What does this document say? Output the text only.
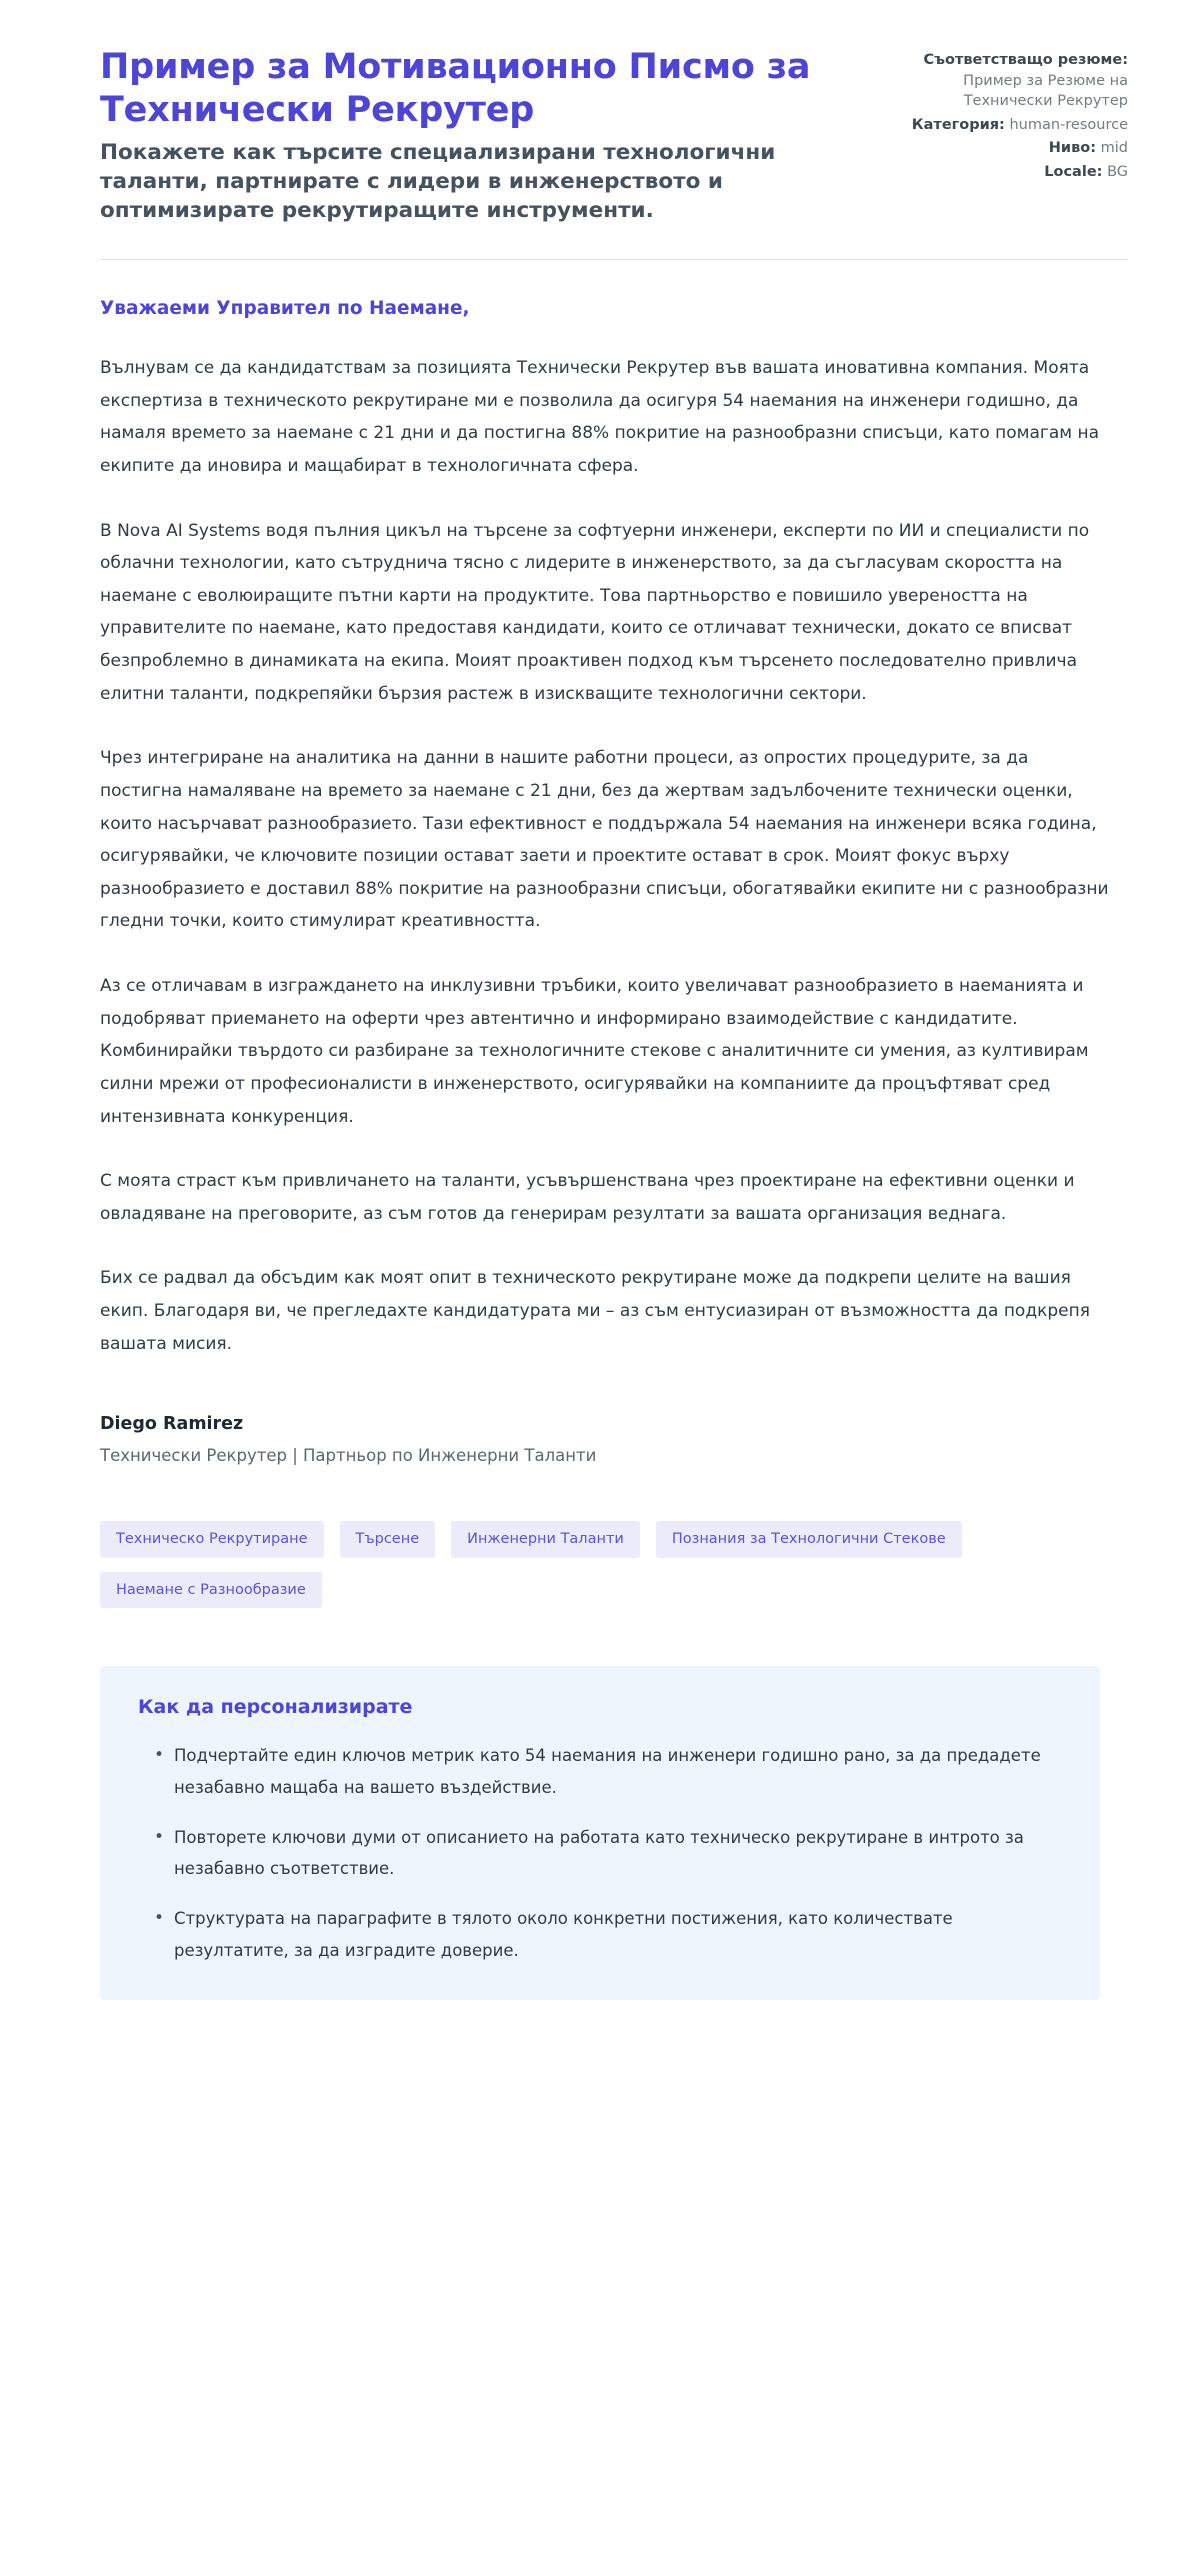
Пример за Мотивационно Писмо за Технически Рекрутер

Покажете как търсите специализирани технологични таланти, партнирате с лидери в инженерството и оптимизирате рекрутиращите инструменти.

Съответстващо резюме: Пример за Резюме на Технически Рекрутер
Категория: human-resource
Ниво: mid
Locale: BG

Уважаеми Управител по Наемане,

Вълнувам се да кандидатствам за позицията Технически Рекрутер във вашата иновативна компания. Моята експертиза в техническото рекрутиране ми е позволила да осигуря 54 наемания на инженери годишно, да намаля времето за наемане с 21 дни и да постигна 88% покритие на разнообразни списъци, като помагам на екипите да иновира и мащабират в технологичната сфера.

В Nova AI Systems водя пълния цикъл на търсене за софтуерни инженери, експерти по ИИ и специалисти по облачни технологии, като сътруднича тясно с лидерите в инженерството, за да съгласувам скоростта на наемане с еволюиращите пътни карти на продуктите. Това партньорство е повишило увереността на управителите по наемане, като предоставя кандидати, които се отличават технически, докато се вписват безпроблемно в динамиката на екипа. Моият проактивен подход към търсенето последователно привлича елитни таланти, подкрепяйки бързия растеж в изискващите технологични сектори.

Чрез интегриране на аналитика на данни в нашите работни процеси, аз опростих процедурите, за да постигна намаляване на времето за наемане с 21 дни, без да жертвам задълбочените технически оценки, които насърчават разнообразието. Тази ефективност е поддържала 54 наемания на инженери всяка година, осигурявайки, че ключовите позиции остават заети и проектите остават в срок. Моият фокус върху разнообразието е доставил 88% покритие на разнообразни списъци, обогатявайки екипите ни с разнообразни гледни точки, които стимулират креативността.

Аз се отличавам в изграждането на инклузивни тръбики, които увеличават разнообразието в наеманията и подобряват приемането на оферти чрез автентично и информирано взаимодействие с кандидатите. Комбинирайки твърдото си разбиране за технологичните стекове с аналитичните си умения, аз култивирам силни мрежи от професионалисти в инженерството, осигурявайки на компаниите да процъфтяват сред интензивната конкуренция.

С моята страст към привличането на таланти, усъвършенствана чрез проектиране на ефективни оценки и овладяване на преговорите, аз съм готов да генерирам резултати за вашата организация веднага.

Бих се радвал да обсъдим как моят опит в техническото рекрутиране може да подкрепи целите на вашия екип. Благодаря ви, че прегледахте кандидатурата ми – аз съм ентусиазиран от възможността да подкрепя вашата мисия.

Diego Ramirez

Технически Рекрутер | Партньор по Инженерни Таланти

Техническо Рекрутиране	Търсене	Инженерни Таланти	Познания за Технологични Стекове
Наемане с Разнообразие
Как да персонализирате
• Подчертайте един ключов метрик като 54 наемания на инженери годишно рано, за да предадете незабавно мащаба на вашето въздействие.
• Повторете ключови думи от описанието на работата като техническо рекрутиране в интрото за незабавно съответствие.
• Структурата на параграфите в тялото около конкретни постижения, като количествате резултатите, за да изградите доверие.
